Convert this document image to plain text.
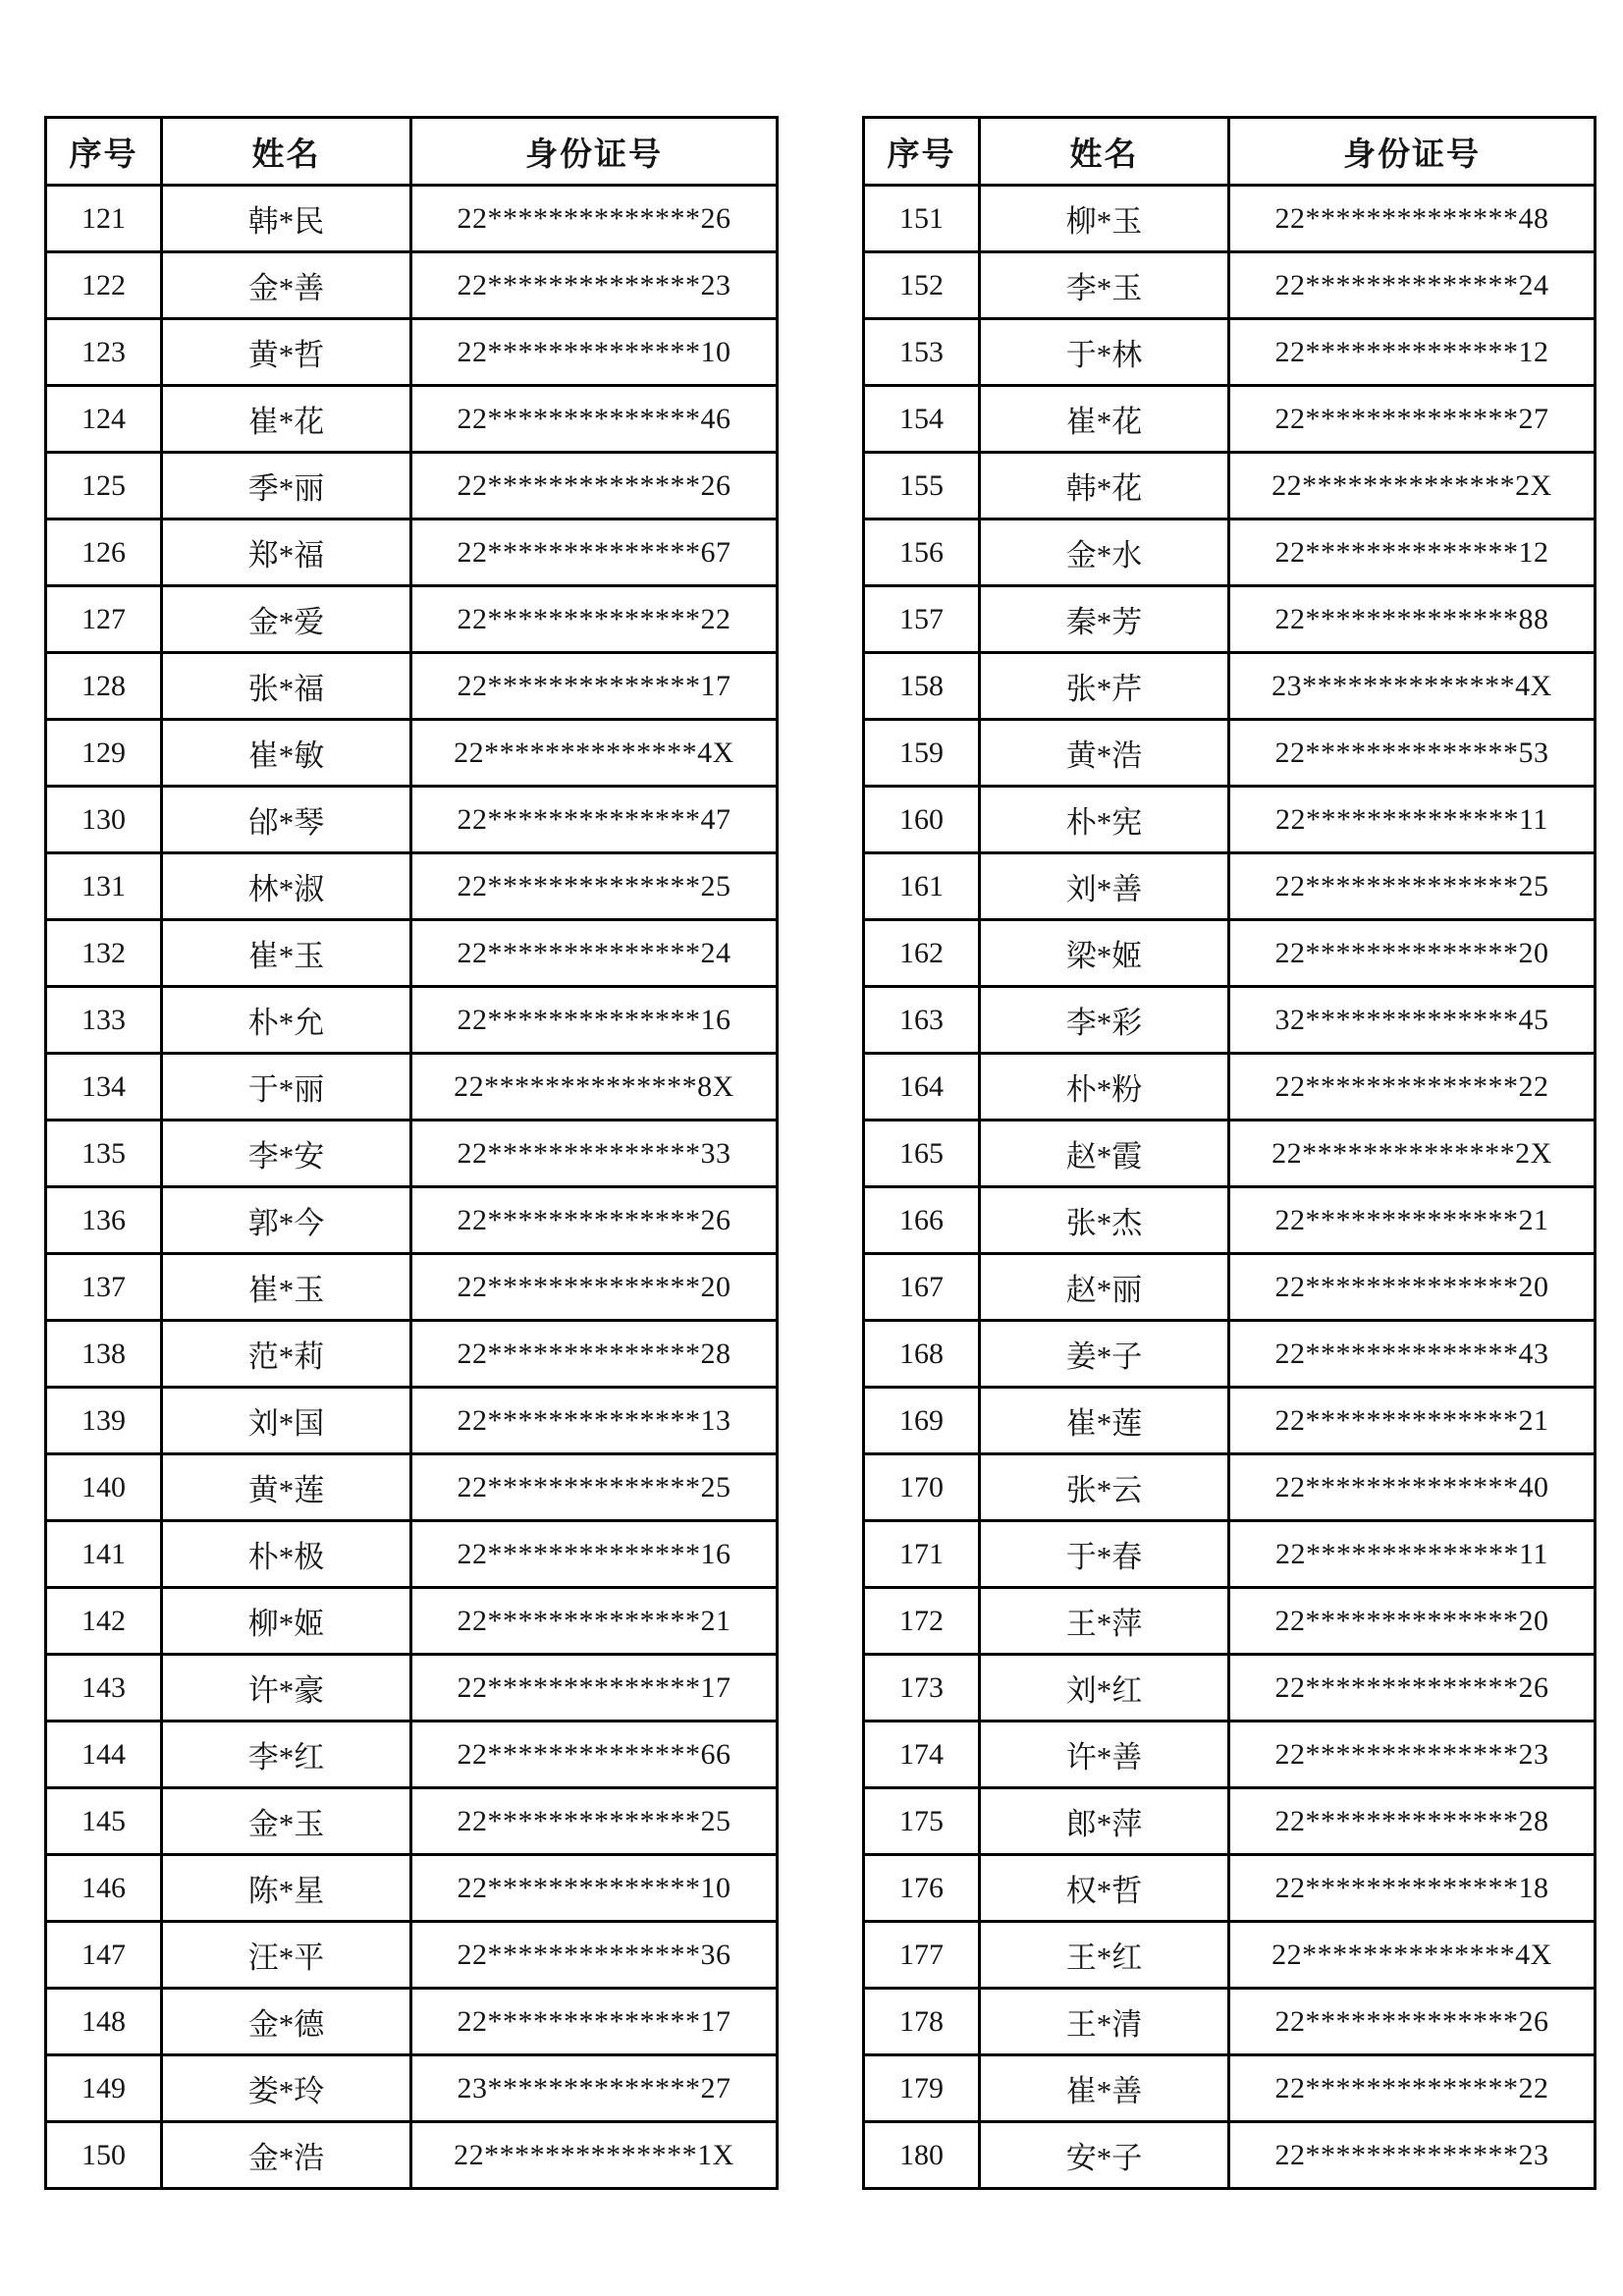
序号	姓名	身份证号
121	韩*民	22**************26
122	金*善	22**************23
123	黄*哲	22**************10
124	崔*花	22**************46
125	季*丽	22**************26
126	郑*福	22**************67
127	金*爱	22**************22
128	张*福	22**************17
129	崔*敏	22**************4X
130	邰*琴	22**************47
131	林*淑	22**************25
132	崔*玉	22**************24
133	朴*允	22**************16
134	于*丽	22**************8X
135	李*安	22**************33
136	郭*今	22**************26
137	崔*玉	22**************20
138	范*莉	22**************28
139	刘*国	22**************13
140	黄*莲	22**************25
141	朴*极	22**************16
142	柳*姬	22**************21
143	许*豪	22**************17
144	李*红	22**************66
145	金*玉	22**************25
146	陈*星	22**************10
147	汪*平	22**************36
148	金*德	22**************17
149	娄*玲	23**************27
150	金*浩	22**************1X
序号	姓名	身份证号
151	柳*玉	22**************48
152	李*玉	22**************24
153	于*林	22**************12
154	崔*花	22**************27
155	韩*花	22**************2X
156	金*水	22**************12
157	秦*芳	22**************88
158	张*芹	23**************4X
159	黄*浩	22**************53
160	朴*宪	22**************11
161	刘*善	22**************25
162	梁*姬	22**************20
163	李*彩	32**************45
164	朴*粉	22**************22
165	赵*霞	22**************2X
166	张*杰	22**************21
167	赵*丽	22**************20
168	姜*子	22**************43
169	崔*莲	22**************21
170	张*云	22**************40
171	于*春	22**************11
172	王*萍	22**************20
173	刘*红	22**************26
174	许*善	22**************23
175	郎*萍	22**************28
176	权*哲	22**************18
177	王*红	22**************4X
178	王*清	22**************26
179	崔*善	22**************22
180	安*子	22**************23
